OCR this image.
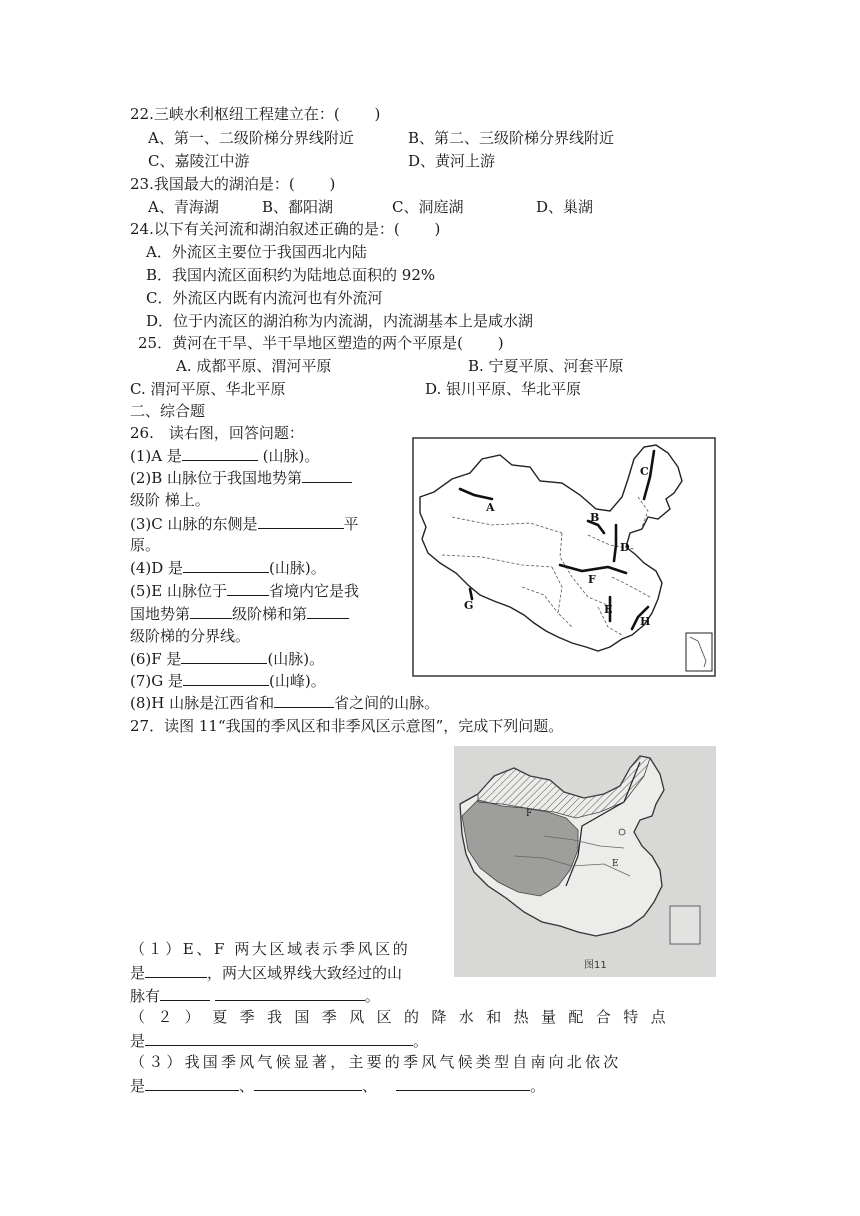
22.三峡水利枢纽工程建立在：(　　 )
A、第一、二级阶梯分界线附近	B、第二、三级阶梯分界线附近
C、嘉陵江中游	D、黄河上游
23.我国最大的湖泊是：(　　 )
A、青海湖	B、鄱阳湖	C、洞庭湖	D、巢湖
24.以下有关河流和湖泊叙述正确的是：(　　 )
A．外流区主要位于我国西北内陆
B．我国内流区面积约为陆地总面积的 92%
C．外流区内既有内流河也有外流河
D．位于内流区的湖泊称为内流湖，内流湖基本上是咸水湖
25．黄河在干旱、半干旱地区塑造的两个平原是(　　 )
A. 成都平原、渭河平原	B. 宁夏平原、河套平原
C. 渭河平原、华北平原	D. 银川平原、华北平原
二、综合题
26.　读右图，回答问题：
(1)A 是	(山脉)。
(2)B 山脉位于我国地势第
级阶 梯上。
(3)C 山脉的东侧是	平
原。
(4)D 是	(山脉)。
(5)E 山脉位于	省境内它是我
国地势第	级阶梯和第
级阶梯的分界线。
(6)F 是	(山脉)。
(7)G 是	(山峰)。
(8)H 山脉是江西省和	省之间的山脉。
A
B
C
D
E
F
G
H
27．读图 11“我国的季风区和非季风区示意图”，完成下列问题。
F
E
图11
（１）E、F 两大区域表示季风区的
是	，两大区域界线大致经过的山
脉有	。
（２）夏季我国季风区的降水和热量配合特点
是	。
（３）我国季风气候显著，主要的季风气候类型自南向北依次
是	、	、	。
